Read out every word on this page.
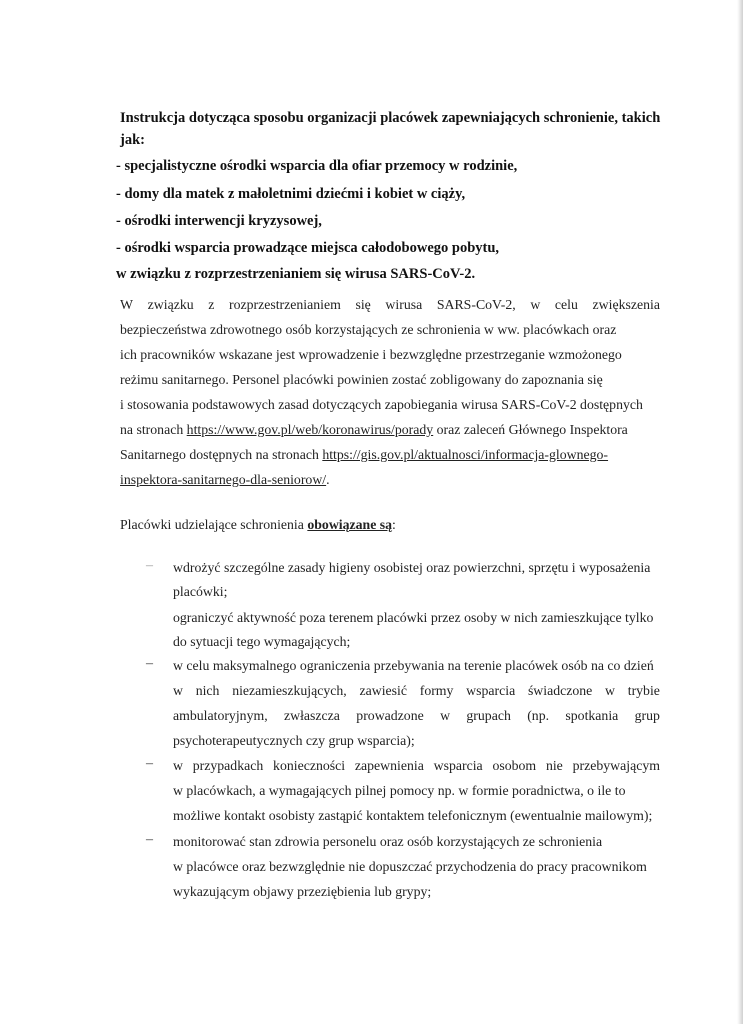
Instrukcja dotycząca sposobu organizacji placówek zapewniających schronienie, takich
jak:
- specjalistyczne ośrodki wsparcia dla ofiar przemocy w rodzinie,
- domy dla matek z małoletnimi dziećmi i kobiet w ciąży,
- ośrodki interwencji kryzysowej,
- ośrodki wsparcia prowadzące miejsca całodobowego pobytu,
w związku z rozprzestrzenianiem się wirusa SARS-CoV-2.
W związku z rozprzestrzenianiem się wirusa SARS-CoV-2, w celu zwiększenia
bezpieczeństwa zdrowotnego osób korzystających ze schronienia w ww. placówkach oraz
ich pracowników wskazane jest wprowadzenie i bezwzględne przestrzeganie wzmożonego
reżimu sanitarnego. Personel placówki powinien zostać zobligowany do zapoznania się
i stosowania podstawowych zasad dotyczących zapobiegania wirusa SARS-CoV-2 dostępnych
na stronach https://www.gov.pl/web/koronawirus/porady oraz zaleceń Głównego Inspektora
Sanitarnego dostępnych na stronach https://gis.gov.pl/aktualnosci/informacja-glownego-
inspektora-sanitarnego-dla-seniorow/.
Placówki udzielające schronienia obowiązane są:
– wdrożyć szczególne zasady higieny osobistej oraz powierzchni, sprzętu i wyposażenia
placówki;
ograniczyć aktywność poza terenem placówki przez osoby w nich zamieszkujące tylko
do sytuacji tego wymagających;
– w celu maksymalnego ograniczenia przebywania na terenie placówek osób na co dzień
w nich niezamieszkujących, zawiesić formy wsparcia świadczone w trybie
ambulatoryjnym, zwłaszcza prowadzone w grupach (np. spotkania grup
psychoterapeutycznych czy grup wsparcia);
– w przypadkach konieczności zapewnienia wsparcia osobom nie przebywającym
w placówkach, a wymagających pilnej pomocy np. w formie poradnictwa, o ile to
możliwe kontakt osobisty zastąpić kontaktem telefonicznym (ewentualnie mailowym);
– monitorować stan zdrowia personelu oraz osób korzystających ze schronienia
w placówce oraz bezwzględnie nie dopuszczać przychodzenia do pracy pracownikom
wykazującym objawy przeziębienia lub grypy;
